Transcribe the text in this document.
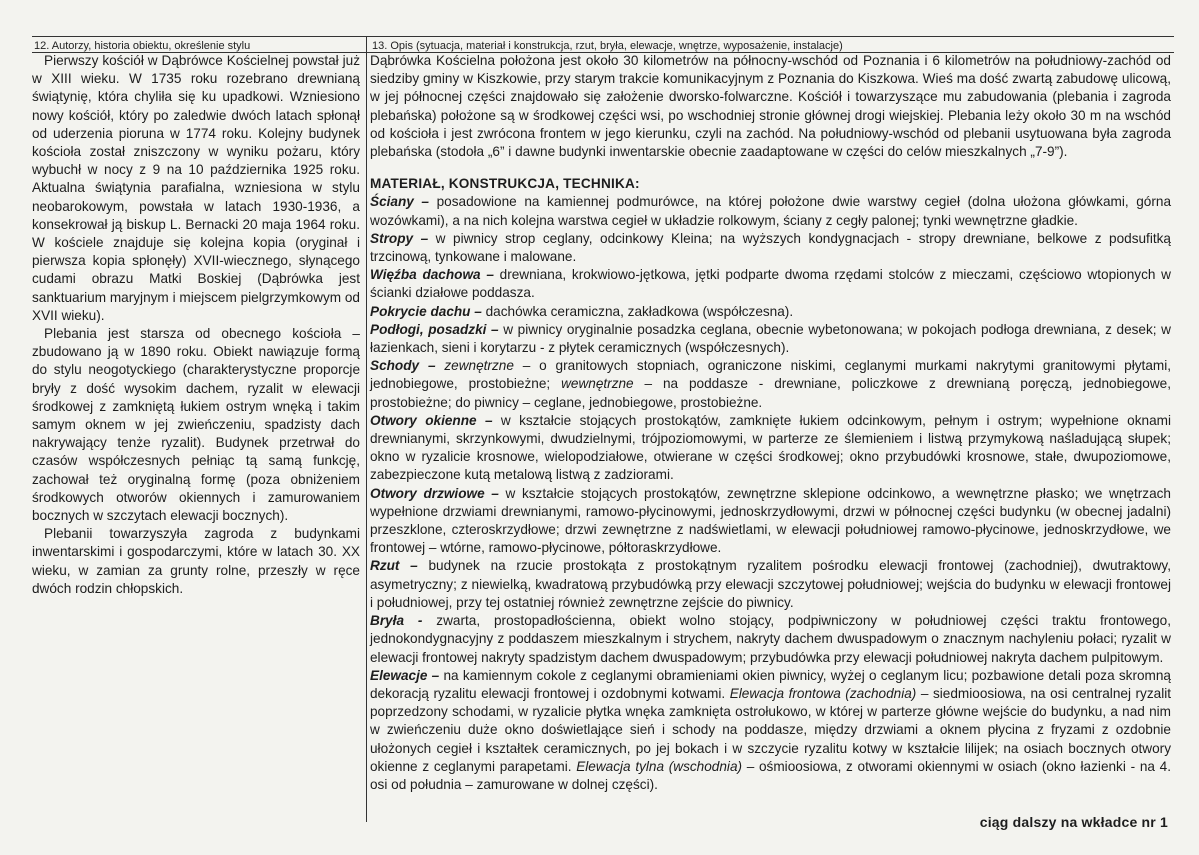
12. Autorzy, historia obiektu, określenie stylu	13. Opis (sytuacja, materiał i konstrukcja, rzut, bryła, elewacje, wnętrze, wyposażenie, instalacje)

Pierwszy kościół w Dąbrówce Kościelnej powstał już w XIII wieku. W 1735 roku rozebrano drewnianą świątynię, która chyliła się ku upadkowi. Wzniesiono nowy kościół, który po zaledwie dwóch latach spłonął od uderzenia pioruna w 1774 roku. Kolejny budynek kościoła został zniszczony w wyniku pożaru, który wybuchł w nocy z 9 na 10 października 1925 roku. Aktualna świątynia parafialna, wzniesiona w stylu neobarokowym, powstała w latach 1930-1936, a konsekrował ją biskup L. Bernacki 20 maja 1964 roku. W kościele znajduje się kolejna kopia (oryginał i pierwsza kopia spłonęły) XVII-wiecznego, słynącego cudami obrazu Matki Boskiej (Dąbrówka jest sanktuarium maryjnym i miejscem pielgrzymkowym od XVII wieku).

Plebania jest starsza od obecnego kościoła – zbudowano ją w 1890 roku. Obiekt nawiązuje formą do stylu neogotyckiego (charakterystyczne proporcje bryły z dość wysokim dachem, ryzalit w elewacji środkowej z zamkniętą łukiem ostrym wnęką i takim samym oknem w jej zwieńczeniu, spadzisty dach nakrywający tenże ryzalit). Budynek przetrwał do czasów współczesnych pełniąc tą samą funkcję, zachował też oryginalną formę (poza obniżeniem środkowych otworów okiennych i zamurowaniem bocznych w szczytach elewacji bocznych).

Plebanii towarzyszyła zagroda z budynkami inwentarskimi i gospodarczymi, które w latach 30. XX wieku, w zamian za grunty rolne, przeszły w ręce dwóch rodzin chłopskich.

Dąbrówka Kościelna położona jest około 30 kilometrów na północny-wschód od Poznania i 6 kilometrów na południowy-zachód od siedziby gminy w Kiszkowie, przy starym trakcie komunikacyjnym z Poznania do Kiszkowa. Wieś ma dość zwartą zabudowę ulicową, w jej północnej części znajdowało się założenie dworsko-folwarczne. Kościół i towarzyszące mu zabudowania (plebania i zagroda plebańska) położone są w środkowej części wsi, po wschodniej stronie głównej drogi wiejskiej. Plebania leży około 30 m na wschód od kościoła i jest zwrócona frontem w jego kierunku, czyli na zachód. Na południowy-wschód od plebanii usytuowana była zagroda plebańska (stodoła „6” i dawne budynki inwentarskie obecnie zaadaptowane w części do celów mieszkalnych „7-9”).

MATERIAŁ, KONSTRUKCJA, TECHNIKA:

Ściany – posadowione na kamiennej podmurówce, na której położone dwie warstwy cegieł (dolna ułożona główkami, górna wozówkami), a na nich kolejna warstwa cegieł w układzie rolkowym, ściany z cegły palonej; tynki wewnętrzne gładkie.

Stropy – w piwnicy strop ceglany, odcinkowy Kleina; na wyższych kondygnacjach - stropy drewniane, belkowe z podsufitką trzcinową, tynkowane i malowane.

Więźba dachowa – drewniana, krokwiowo-jętkowa, jętki podparte dwoma rzędami stolców z mieczami, częściowo wtopionych w ścianki działowe poddasza.

Pokrycie dachu – dachówka ceramiczna, zakładkowa (współczesna).

Podłogi, posadzki – w piwnicy oryginalnie posadzka ceglana, obecnie wybetonowana; w pokojach podłoga drewniana, z desek; w łazienkach, sieni i korytarzu - z płytek ceramicznych (współczesnych).

Schody – zewnętrzne – o granitowych stopniach, ograniczone niskimi, ceglanymi murkami nakrytymi granitowymi płytami, jednobiegowe, prostobieżne; wewnętrzne – na poddasze - drewniane, policzkowe z drewnianą poręczą, jednobiegowe, prostobieżne; do piwnicy – ceglane, jednobiegowe, prostobieżne.

Otwory okienne – w kształcie stojących prostokątów, zamknięte łukiem odcinkowym, pełnym i ostrym; wypełnione oknami drewnianymi, skrzynkowymi, dwudzielnymi, trójpoziomowymi, w parterze ze ślemieniem i listwą przymykową naśladującą słupek; okno w ryzalicie krosnowe, wielopodziałowe, otwierane w części środkowej; okno przybudówki krosnowe, stałe, dwupoziomowe, zabezpieczone kutą metalową listwą z zadziorami.

Otwory drzwiowe – w kształcie stojących prostokątów, zewnętrzne sklepione odcinkowo, a wewnętrzne płasko; we wnętrzach wypełnione drzwiami drewnianymi, ramowo-płycinowymi, jednoskrzydłowymi, drzwi w północnej części budynku (w obecnej jadalni) przeszklone, czteroskrzydłowe; drzwi zewnętrzne z nadświetlami, w elewacji południowej ramowo-płycinowe, jednoskrzydłowe, we frontowej – wtórne, ramowo-płycinowe, półtoraskrzydłowe.

Rzut – budynek na rzucie prostokąta z prostokątnym ryzalitem pośrodku elewacji frontowej (zachodniej), dwutraktowy, asymetryczny; z niewielką, kwadratową przybudówką przy elewacji szczytowej południowej; wejścia do budynku w elewacji frontowej i południowej, przy tej ostatniej również zewnętrzne zejście do piwnicy.

Bryła - zwarta, prostopadłościenna, obiekt wolno stojący, podpiwniczony w południowej części traktu frontowego, jednokondygnacyjny z poddaszem mieszkalnym i strychem, nakryty dachem dwuspadowym o znacznym nachyleniu połaci; ryzalit w elewacji frontowej nakryty spadzistym dachem dwuspadowym; przybudówka przy elewacji południowej nakryta dachem pulpitowym.

Elewacje – na kamiennym cokole z ceglanymi obramieniami okien piwnicy, wyżej o ceglanym licu; pozbawione detali poza skromną dekoracją ryzalitu elewacji frontowej i ozdobnymi kotwami. Elewacja frontowa (zachodnia) – siedmioosiowa, na osi centralnej ryzalit poprzedzony schodami, w ryzalicie płytka wnęka zamknięta ostrołukowo, w której w parterze główne wejście do budynku, a nad nim w zwieńczeniu duże okno doświetlające sień i schody na poddasze, między drzwiami a oknem płycina z fryzami z ozdobnie ułożonych cegieł i kształtek ceramicznych, po jej bokach i w szczycie ryzalitu kotwy w kształcie lilijek; na osiach bocznych otwory okienne z ceglanymi parapetami. Elewacja tylna (wschodnia) – ośmioosiowa, z otworami okiennymi w osiach (okno łazienki - na 4. osi od południa – zamurowane w dolnej części).

ciąg dalszy na wkładce nr 1
